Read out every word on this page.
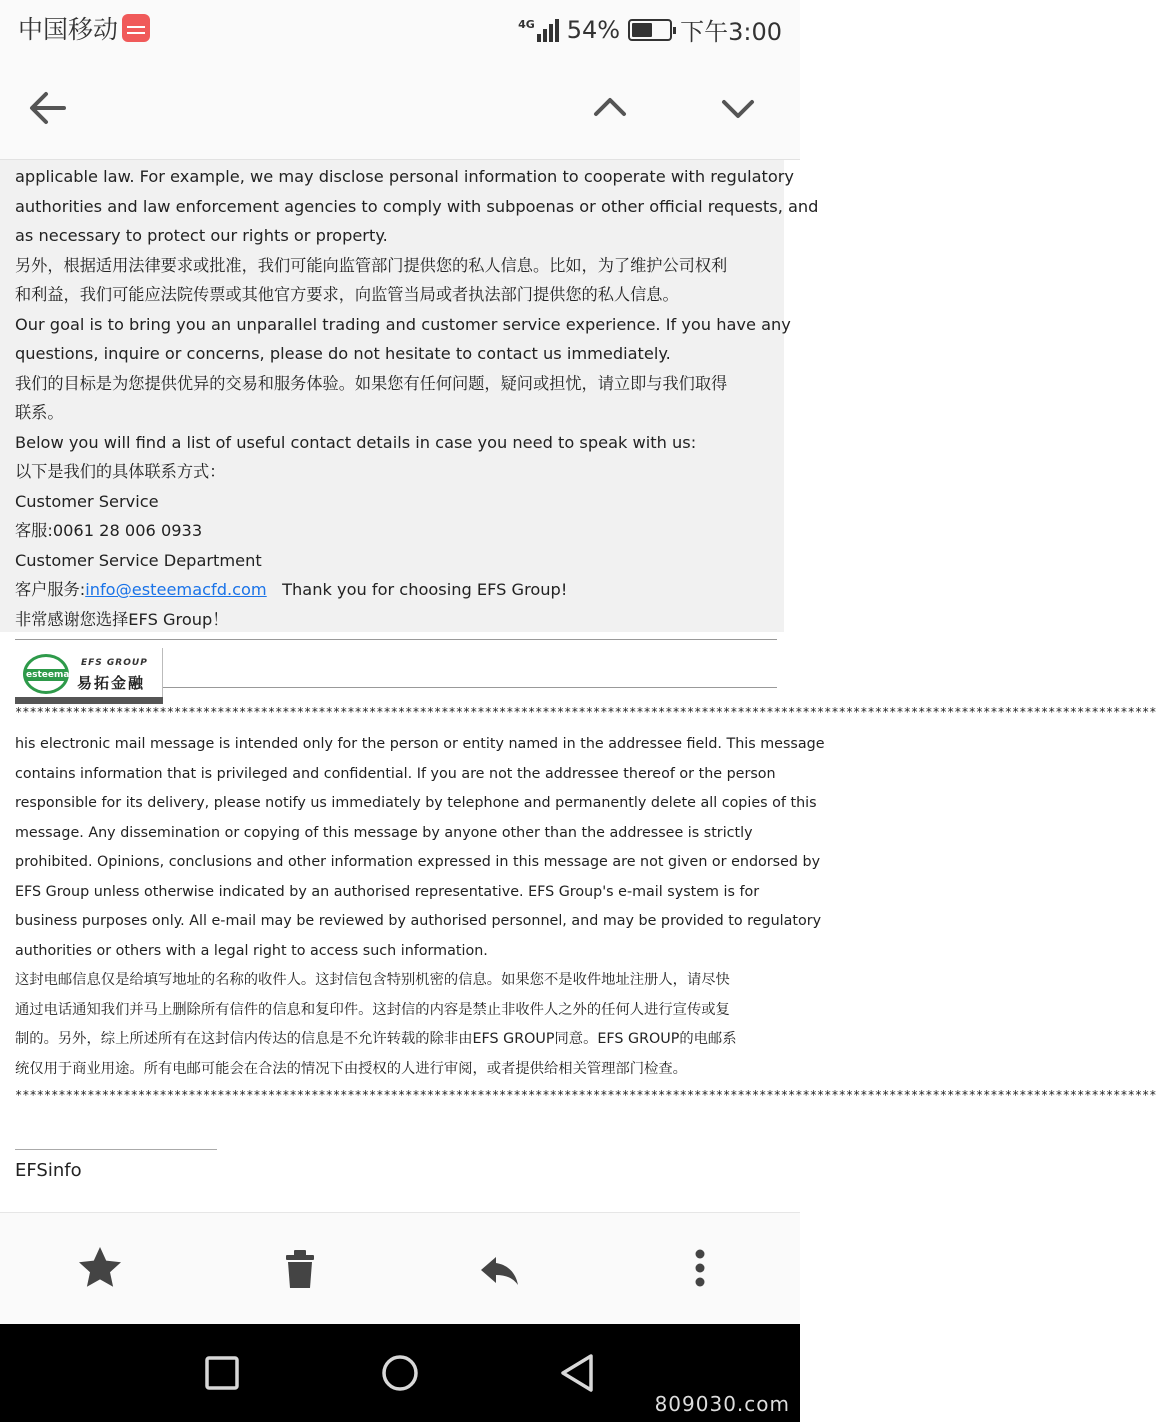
中国移动	4G 54%	下午3:00

applicable law. For example, we may disclose personal information to cooperate with regulatory

authorities and law enforcement agencies to comply with subpoenas or other official requests, and

as necessary to protect our rights or property.

另外，根据适用法律要求或批准，我们可能向监管部门提供您的私人信息。比如，为了维护公司权利

和利益，我们可能应法院传票或其他官方要求，向监管当局或者执法部门提供您的私人信息。

Our goal is to bring you an unparallel trading and customer service experience. If you have any

questions, inquire or concerns, please do not hesitate to contact us immediately.

我们的目标是为您提供优异的交易和服务体验。如果您有任何问题，疑问或担忧，请立即与我们取得

联系。

Below you will find a list of useful contact details in case you need to speak with us:

以下是我们的具体联系方式：

Customer Service

客服:0061 28 006 0933

Customer Service Department

客户服务:info@esteemacfd.com Thank you for choosing EFS Group!

非常感谢您选择EFS Group！

esteema
EFS GROUP
易拓金融
**************************************************************************************************************************************************************

his electronic mail message is intended only for the person or entity named in the addressee field. This message

contains information that is privileged and confidential. If you are not the addressee thereof or the person

responsible for its delivery, please notify us immediately by telephone and permanently delete all copies of this

message. Any dissemination or copying of this message by anyone other than the addressee is strictly

prohibited. Opinions, conclusions and other information expressed in this message are not given or endorsed by

EFS Group unless otherwise indicated by an authorised representative. EFS Group's e-mail system is for

business purposes only. All e-mail may be reviewed by authorised personnel, and may be provided to regulatory

authorities or others with a legal right to access such information.

这封电邮信息仅是给填写地址的名称的收件人。这封信包含特别机密的信息。如果您不是收件地址注册人，请尽快

通过电话通知我们并马上删除所有信件的信息和复印件。这封信的内容是禁止非收件人之外的任何人进行宣传或复

制的。另外，综上所述所有在这封信内传达的信息是不允许转载的除非由EFS GROUP同意。EFS GROUP的电邮系

统仅用于商业用途。所有电邮可能会在合法的情况下由授权的人进行审阅，或者提供给相关管理部门检查。

**************************************************************************************************************************************************************
EFSinfo
809030.com
